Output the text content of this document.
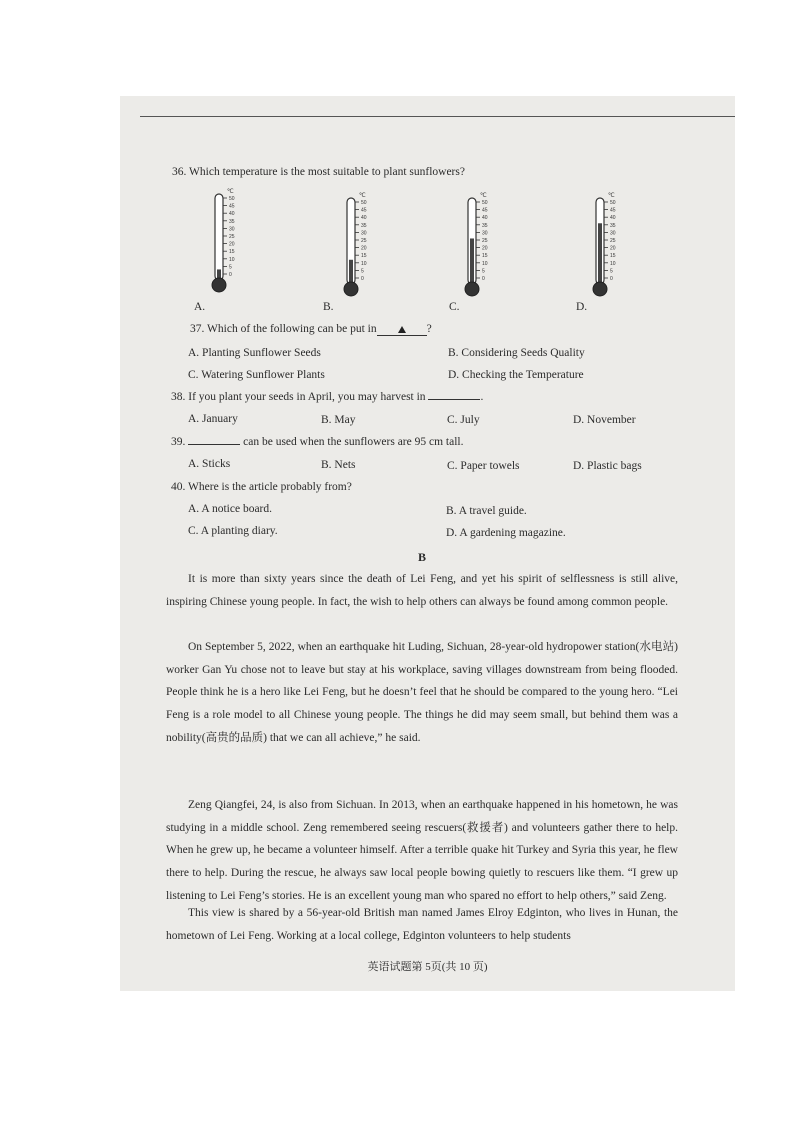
36. Which temperature is the most suitable to plant sunflowers?
50
45
40
35
30
25
20
15
10
5
0
℃
50
45
40
35
30
25
20
15
10
5
0
℃
50
45
40
35
30
25
20
15
10
5
0
℃
50
45
40
35
30
25
20
15
10
5
0
℃
A.	B.	C.	D.
37. Which of the following can be put in	?
A. Planting Sunflower Seeds	B. Considering Seeds Quality
C. Watering Sunflower Plants	D. Checking the Temperature
38. If you plant your seeds in April, you may harvest in	.
A. January	B. May	C. July	D. November
39.	can be used when the sunflowers are 95 cm tall.
A. Sticks	B. Nets	C. Paper towels	D. Plastic bags
40. Where is the article probably from?
A. A notice board.	B. A travel guide.
C. A planting diary.	D. A gardening magazine.
B
It is more than sixty years since the death of Lei Feng, and yet his spirit of selflessness is still alive, inspiring Chinese young people. In fact, the wish to help others can always be found among common people.
On September 5, 2022, when an earthquake hit Luding, Sichuan, 28-year-old hydropower station(水电站) worker Gan Yu chose not to leave but stay at his workplace, saving villages downstream from being flooded. People think he is a hero like Lei Feng, but he doesn’t feel that he should be compared to the young hero. “Lei Feng is a role model to all Chinese young people. The things he did may seem small, but behind them was a nobility(高贵的品质) that we can all achieve,” he said.
Zeng Qiangfei, 24, is also from Sichuan. In 2013, when an earthquake happened in his hometown, he was studying in a middle school. Zeng remembered seeing rescuers(救援者) and volunteers gather there to help. When he grew up, he became a volunteer himself. After a terrible quake hit Turkey and Syria this year, he flew there to help. During the rescue, he always saw local people bowing quietly to rescuers like them. “I grew up listening to Lei Feng’s stories. He is an excellent young man who spared no effort to help others,” said Zeng.
This view is shared by a 56-year-old British man named James Elroy Edginton, who lives in Hunan, the hometown of Lei Feng. Working at a local college, Edginton volunteers to help students
英语试题第 5页(共 10 页)
